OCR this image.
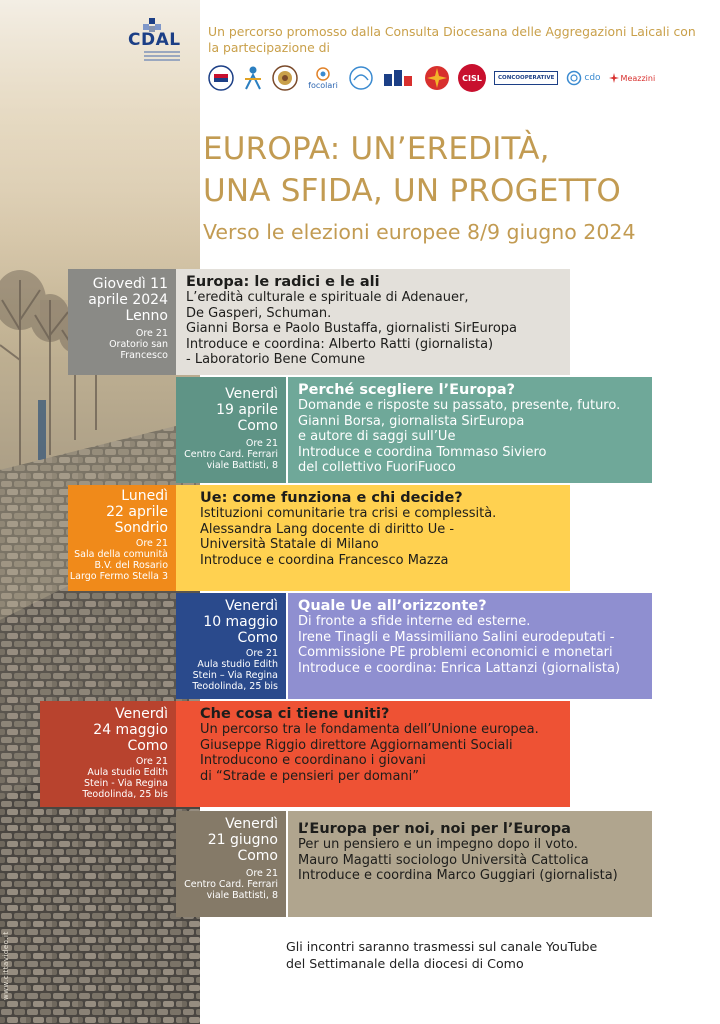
www.cittavideo.it
CDAL Un percorso promosso dalla Consulta Diocesana delle Aggregazioni Laicali con la partecipazione di
focolari
CISL	CONCOOPERATIVE	cdo	Meazzini
EUROPA: UN’EREDITÀ,
UNA SFIDA, UN PROGETTO
Verso le elezioni europee 8/9 giugno 2024
Giovedì 11
aprile 2024
Lenno
Ore 21
Oratorio san
Francesco
Europa: le radici e le ali
L’eredità culturale e spirituale di Adenauer,
De Gasperi, Schuman.
Gianni Borsa e Paolo Bustaffa, giornalisti SirEuropa
Introduce e coordina: Alberto Ratti (giornalista)
- Laboratorio Bene Comune
Venerdì
19 aprile
Como
Ore 21
Centro Card. Ferrari
viale Battisti, 8
Perché scegliere l’Europa?
Domande e risposte su passato, presente, futuro.
Gianni Borsa, giornalista SirEuropa
e autore di saggi sull’Ue
Introduce e coordina Tommaso Siviero
del collettivo FuoriFuoco
Lunedì
22 aprile
Sondrio
Ore 21
Sala della comunità
B.V. del Rosario
Largo Fermo Stella 3
Ue: come funziona e chi decide?
Istituzioni comunitarie tra crisi e complessità.
Alessandra Lang docente di diritto Ue -
Università Statale di Milano
Introduce e coordina Francesco Mazza
Venerdì
10 maggio
Como
Ore 21
Aula studio Edith
Stein – Via Regina
Teodolinda, 25 bis
Quale Ue all’orizzonte?
Di fronte a sfide interne ed esterne.
Irene Tinagli e Massimiliano Salini eurodeputati -
Commissione PE problemi economici e monetari
Introduce e coordina: Enrica Lattanzi (giornalista)
Venerdì
24 maggio
Como
Ore 21
Aula studio Edith
Stein - Via Regina
Teodolinda, 25 bis
Che cosa ci tiene uniti?
Un percorso tra le fondamenta dell’Unione europea.
Giuseppe Riggio direttore Aggiornamenti Sociali
Introducono e coordinano i giovani
di “Strade e pensieri per domani”
Venerdì
21 giugno
Como
Ore 21
Centro Card. Ferrari
viale Battisti, 8
L’Europa per noi, noi per l’Europa
Per un pensiero e un impegno dopo il voto.
Mauro Magatti sociologo Università Cattolica
Introduce e coordina Marco Guggiari (giornalista)
Gli incontri saranno trasmessi sul canale YouTube
del Settimanale della diocesi di Como
